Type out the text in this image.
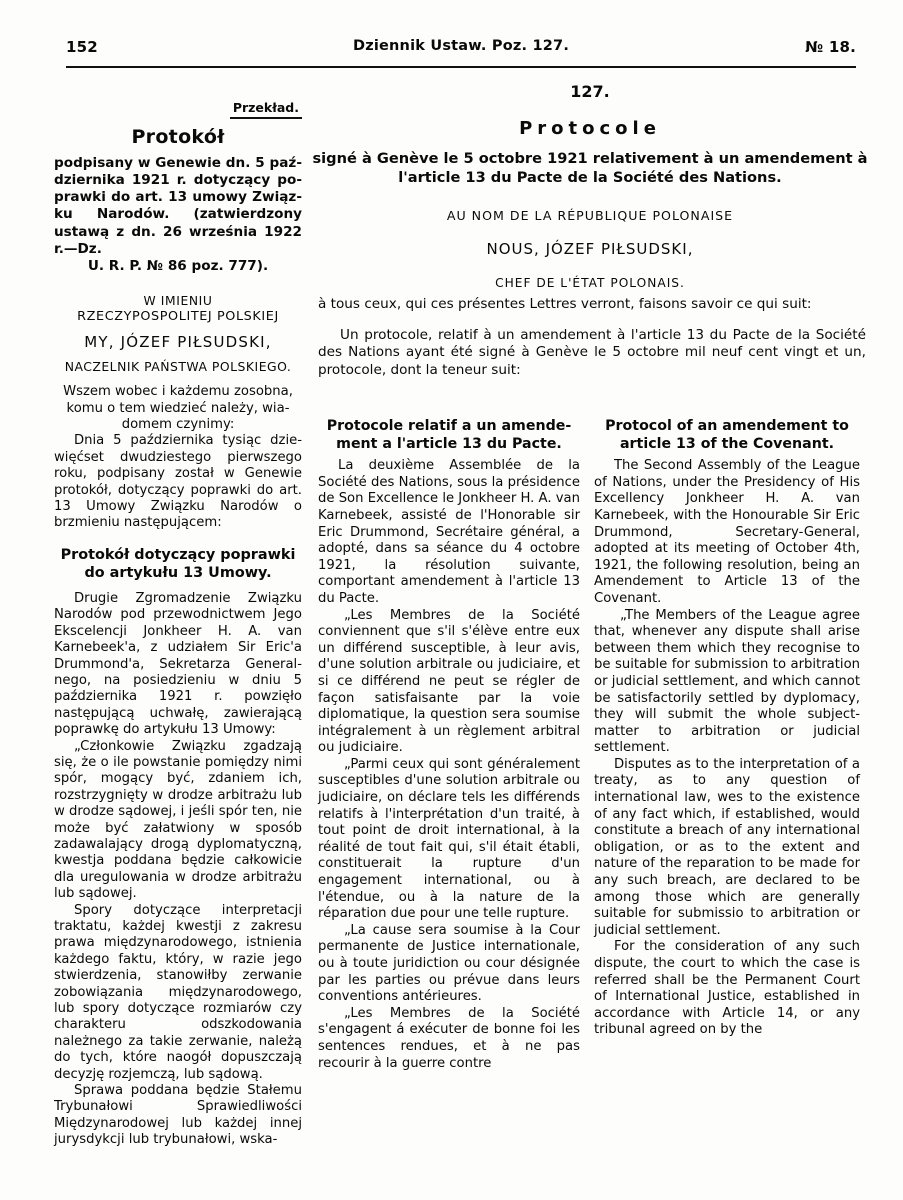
152	Dziennik Ustaw. Poz. 127.	№ 18.
127.
Przekład.
Protokół

podpisany w Genewie dn. 5 października 1921 r. dotyczący poprawki do art. 13 umowy Związku Narodów. (zatwierdzony ustawą z dn. 26 września 1922 r.—Dz.
U. R. P. № 86 poz. 777).

W IMIENIU
RZECZYPOSPOLITEJ POLSKIEJ
MY, JÓZEF PIŁSUDSKI,
NACZELNIK PAŃSTWA POLSKIEGO.

Wszem wobec i każdemu zosobna, komu o tem wiedzieć należy, wiadomem czynimy:

Dnia 5 października tysiąc dziewięćset dwudziestego pierwszego roku, podpisany został w Genewie protokół, dotyczący poprawki do art. 13 Umowy Związku Narodów o brzmieniu następującem:

Protokół dotyczący poprawki do artykułu 13 Umowy.

Drugie Zgromadzenie Związku Narodów pod przewodnictwem Jego Ekscelencji Jonkheer H. A. van Karnebeek'a, z udziałem Sir Eric'a Drummond'a, Sekretarza Generalnego, na posiedzieniu w dniu 5 października 1921 r. powzięło następującą uchwałę, zawierającą poprawkę do artykułu 13 Umowy:

„Członkowie Związku zgadzają się, że o ile powstanie pomiędzy nimi spór, mogący być, zdaniem ich, rozstrzygnięty w drodze arbitrażu lub w drodze sądowej, i jeśli spór ten, nie może być załatwiony w sposób zadawalający drogą dyplomatyczną, kwestja poddana będzie całkowicie dla uregulowania w drodze arbitrażu lub sądowej.

Spory dotyczące interpretacji traktatu, każdej kwestji z zakresu prawa międzynarodowego, istnienia każdego faktu, który, w razie jego stwierdzenia, stanowiłby zerwanie zobowiązania międzynarodowego, lub spory dotyczące rozmiarów czy charakteru odszkodowania należnego za takie zerwanie, należą do tych, które naogół dopuszczają decyzję rozjemczą, lub sądową.

Sprawa poddana będzie Stałemu Trybunałowi Sprawiedliwości Międzynarodowej lub każdej innej jurysdykcji lub trybunałowi, wska-

Protocole

signé à Genève le 5 octobre 1921 relativement à un amendement à l'article 13 du Pacte de la Société des Nations.

AU NOM DE LA RÉPUBLIQUE POLONAISE
NOUS, JÓZEF PIŁSUDSKI,
CHEF DE L'ÉTAT POLONAIS.

à tous ceux, qui ces présentes Lettres verront, faisons savoir ce qui suit:

Un protocole, relatif à un amendement à l'article 13 du Pacte de la Société des Nations ayant été signé à Genève le 5 octobre mil neuf cent vingt et un, protocole, dont la teneur suit:

Protocole relatif a un amendement a l'article 13 du Pacte.

La deuxième Assemblée de la Société des Nations, sous la présidence de Son Excellence le Jonkheer H. A. van Karnebeek, assisté de l'Honorable sir Eric Drummond, Secrétaire général, a adopté, dans sa séance du 4 octobre 1921, la résolution suivante, comportant amendement à l'article 13 du Pacte.

„Les Membres de la Société conviennent que s'il s'élève entre eux un différend susceptible, à leur avis, d'une solution arbitrale ou judiciaire, et si ce différend ne peut se régler de façon satisfaisante par la voie diplomatique, la question sera soumise intégralement à un règlement arbitral ou judiciaire.

„Parmi ceux qui sont généralement susceptibles d'une solution arbitrale ou judiciaire, on déclare tels les différends relatifs à l'interprétation d'un traité, à tout point de droit international, à la réalité de tout fait qui, s'il était établi, constituerait la rupture d'un engagement international, ou à l'étendue, ou à la nature de la réparation due pour une telle rupture.

„La cause sera soumise à la Cour permanente de Justice internationale, ou à toute juridiction ou cour désignée par les parties ou prévue dans leurs conventions antérieures.

„Les Membres de la Société s'engagent á exécuter de bonne foi les sentences rendues, et à ne pas recourir à la guerre contre

Protocol of an amendement to article 13 of the Covenant.

The Second Assembly of the League of Nations, under the Presidency of His Excellency Jonkheer H. A. van Karnebeek, with the Honourable Sir Eric Drummond, Secretary-General, adopted at its meeting of October 4th, 1921, the following resolution, being an Amendement to Article 13 of the Covenant.

„The Members of the League agree that, whenever any dispute shall arise between them which they recognise to be suitable for submission to arbitration or judicial settlement, and which cannot be satisfactorily settled by dyplomacy, they will submit the whole subject-matter to arbitration or judicial settlement.

Disputes as to the interpretation of a treaty, as to any question of international law, wes to the existence of any fact which, if established, would constitute a breach of any international obligation, or as to the extent and nature of the reparation to be made for any such breach, are declared to be among those which are generally suitable for submissio to arbitration or judicial settlement.

For the consideration of any such dispute, the court to which the case is referred shall be the Permanent Court of International Justice, established in accordance with Article 14, or any tribunal agreed on by the
